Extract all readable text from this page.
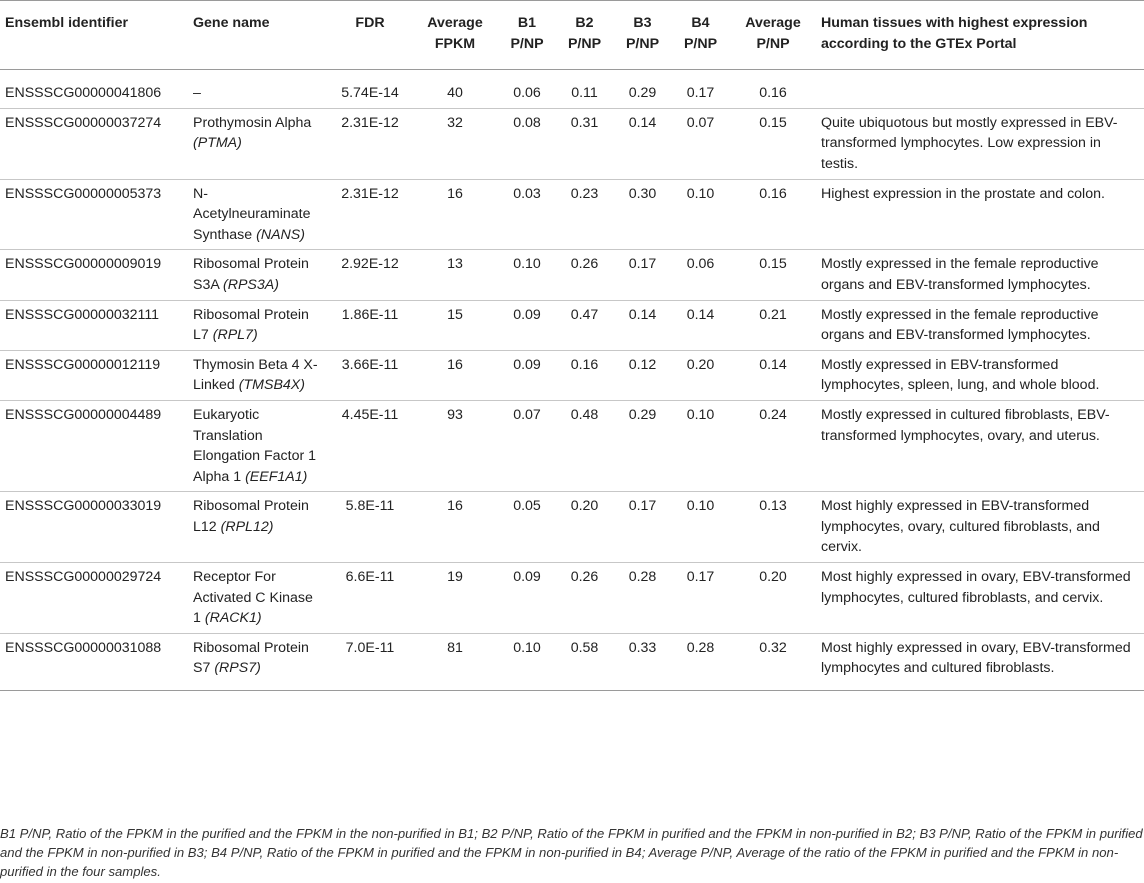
Ensembl identifier	Gene name	FDR	Average FPKM	B1 P/NP	B2 P/NP	B3 P/NP	B4 P/NP	Average P/NP	Human tissues with highest expression according to the GTEx Portal
ENSSSCG00000041806	–	5.74E-14	40	0.06	0.11	0.29	0.17	0.16	
ENSSSCG00000037274	Prothymosin Alpha (PTMA)	2.31E-12	32	0.08	0.31	0.14	0.07	0.15	Quite ubiquotous but mostly expressed in EBV-transformed lymphocytes. Low expression in testis.
ENSSSCG00000005373	N-Acetylneuraminate Synthase (NANS)	2.31E-12	16	0.03	0.23	0.30	0.10	0.16	Highest expression in the prostate and colon.
ENSSSCG00000009019	Ribosomal Protein S3A (RPS3A)	2.92E-12	13	0.10	0.26	0.17	0.06	0.15	Mostly expressed in the female reproductive organs and EBV-transformed lymphocytes.
ENSSSCG00000032111	Ribosomal Protein L7 (RPL7)	1.86E-11	15	0.09	0.47	0.14	0.14	0.21	Mostly expressed in the female reproductive organs and EBV-transformed lymphocytes.
ENSSSCG00000012119	Thymosin Beta 4 X-Linked (TMSB4X)	3.66E-11	16	0.09	0.16	0.12	0.20	0.14	Mostly expressed in EBV-transformed lymphocytes, spleen, lung, and whole blood.
ENSSSCG00000004489	Eukaryotic Translation Elongation Factor 1 Alpha 1 (EEF1A1)	4.45E-11	93	0.07	0.48	0.29	0.10	0.24	Mostly expressed in cultured fibroblasts, EBV-transformed lymphocytes, ovary, and uterus.
ENSSSCG00000033019	Ribosomal Protein L12 (RPL12)	5.8E-11	16	0.05	0.20	0.17	0.10	0.13	Most highly expressed in EBV-transformed lymphocytes, ovary, cultured fibroblasts, and cervix.
ENSSSCG00000029724	Receptor For Activated C Kinase 1 (RACK1)	6.6E-11	19	0.09	0.26	0.28	0.17	0.20	Most highly expressed in ovary, EBV-transformed lymphocytes, cultured fibroblasts, and cervix.
ENSSSCG00000031088	Ribosomal Protein S7 (RPS7)	7.0E-11	81	0.10	0.58	0.33	0.28	0.32	Most highly expressed in ovary, EBV-transformed lymphocytes and cultured fibroblasts.
B1 P/NP, Ratio of the FPKM in the purified and the FPKM in the non-purified in B1; B2 P/NP, Ratio of the FPKM in purified and the FPKM in non-purified in B2; B3 P/NP, Ratio of the FPKM in purified and the FPKM in non-purified in B3; B4 P/NP, Ratio of the FPKM in purified and the FPKM in non-purified in B4; Average P/NP, Average of the ratio of the FPKM in purified and the FPKM in non-purified in the four samples.
